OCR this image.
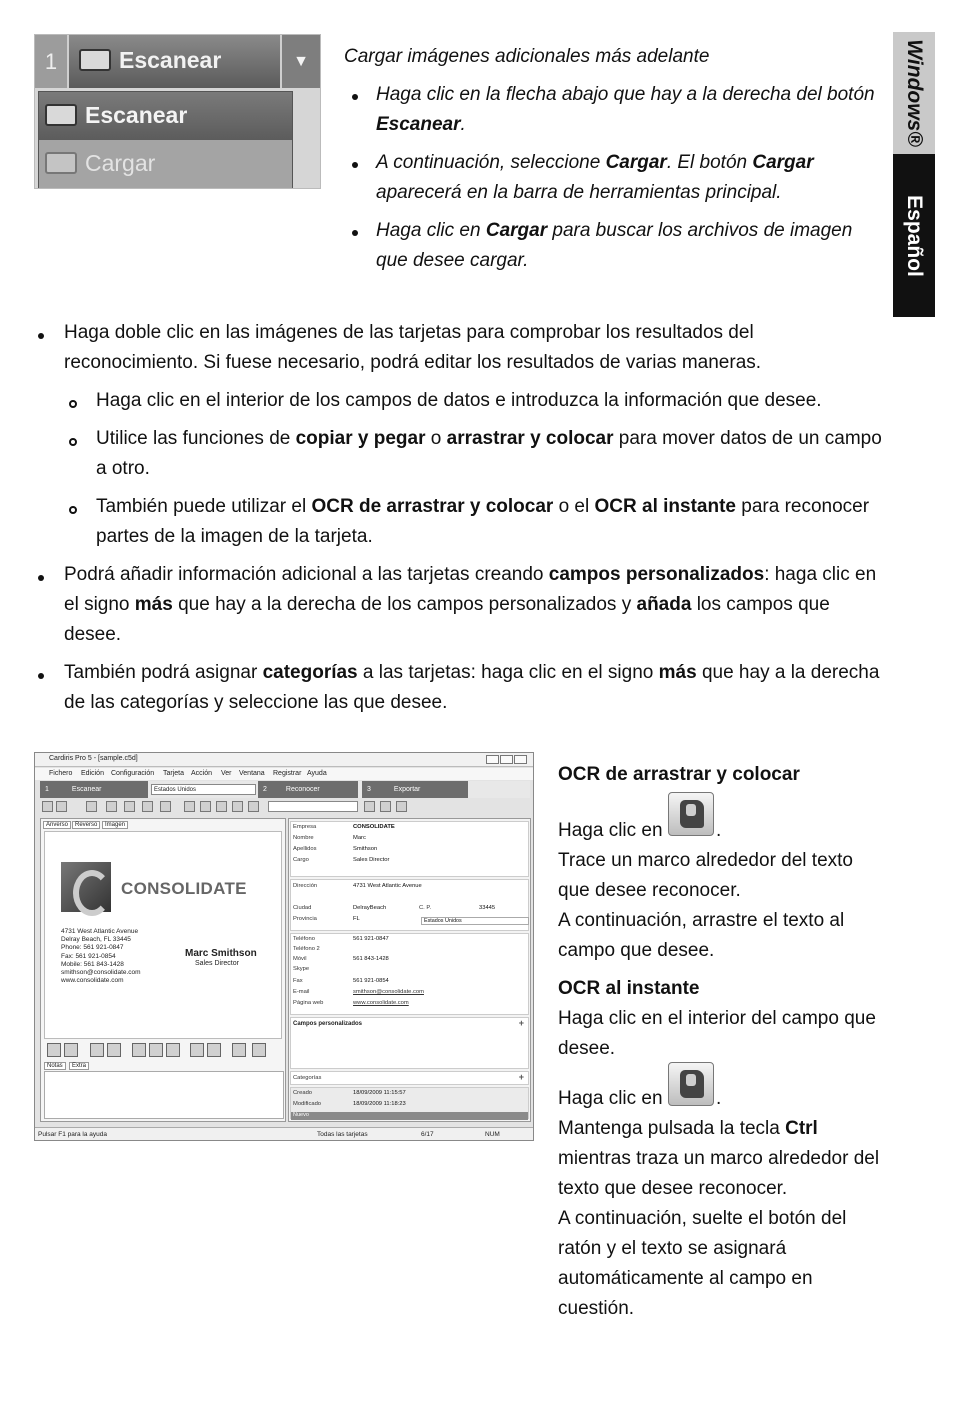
Windows®
Español
1	Escanear	▼
Escanear
Cargar
Cargar imágenes adicionales más adelante
Haga clic en la flecha abajo que hay a la derecha del botón Escanear.
A continuación, seleccione Cargar. El botón Cargar aparecerá en la barra de herramientas principal.
Haga clic en Cargar para buscar los archivos de imagen que desee cargar.
Haga doble clic en las imágenes de las tarjetas para comprobar los resultados del reconocimiento. Si fuese necesario, podrá editar los resultados de varias maneras.
Haga clic en el interior de los campos de datos e introduzca la información que desee.
Utilice las funciones de copiar y pegar o arrastrar y colocar para mover datos de un campo a otro.
También puede utilizar el OCR de arrastrar y colocar o el OCR al instante para reconocer partes de la imagen de la tarjeta.
Podrá añadir información adicional a las tarjetas creando campos personalizados: haga clic en el signo más que hay a la derecha de los campos personalizados y añada los campos que desee.
También podrá asignar categorías a las tarjetas: haga clic en el signo más que hay a la derecha de las categorías y seleccione las que desee.
Cardiris Pro 5 - [sample.c5d]
Fichero Edición Configuración Tarjeta Acción Ver Ventana Registrar Ayuda
1	Escanear	Estados Unidos	2	Reconocer	3	Exportar
Anverso	Reverso	Imagen
CONSOLIDATE
4731 West Atlantic Avenue
Delray Beach, FL 33445
Phone: 561 921-0847
Fax: 561 921-0854
Mobile: 561 843-1428
smithson@consolidate.com
www.consolidate.com
Marc Smithson
Sales Director
Notas	Extra
Empresa	CONSOLIDATE
Nombre	Marc
Apellidos	Smithson
Cargo	Sales Director
Dirección	4731 West Atlantic Avenue
Ciudad	DelrayBeach	C. P.	33445
Provincia	FL	Estados Unidos
Teléfono	561 921-0847
Teléfono 2
Móvil	561 843-1428
Skype
Fax	561 921-0854
E-mail	smithson@consolidate.com
Página web	www.consolidate.com
Campos personalizados	+
Categorías	+
Creado	18/09/2009 11:15:57
Modificado	18/09/2009 11:18:23
Nuevo
Pulsar F1 para la ayuda	Todas las tarjetas	6/17	NUM
OCR de arrastrar y colocar
Haga clic en	.
Trace un marco alrededor del texto que desee reconocer.
A continuación, arrastre el texto al campo que desee.
OCR al instante
Haga clic en el interior del campo que desee.
Haga clic en	.
Mantenga pulsada la tecla Ctrl mientras traza un marco alrededor del texto que desee reconocer.
A continuación, suelte el botón del ratón y el texto se asignará automáticamente al campo en cuestión.
